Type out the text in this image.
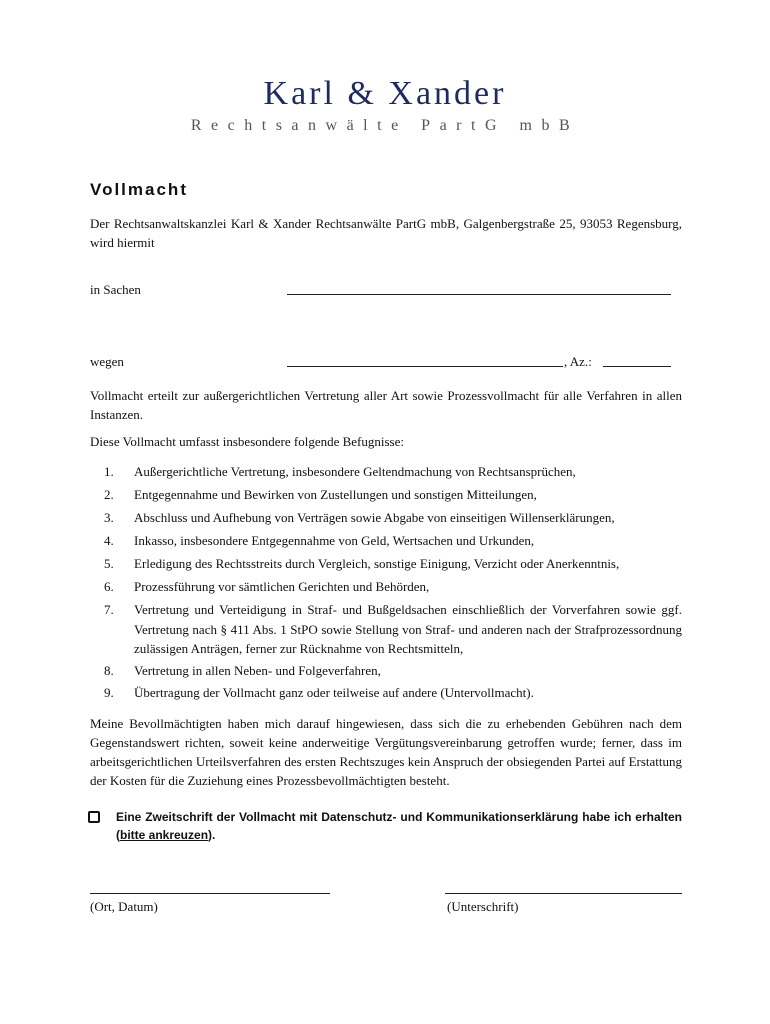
Karl & Xander
Rechtsanwälte PartG mbB
Vollmacht
Der Rechtsanwaltskanzlei Karl & Xander Rechtsanwälte PartG mbB, Galgenbergstraße 25, 93053 Regensburg, wird hiermit
in Sachen
wegen	, Az.:
Vollmacht erteilt zur außergerichtlichen Vertretung aller Art sowie Prozessvollmacht für alle Verfahren in allen Instanzen.
Diese Vollmacht umfasst insbesondere folgende Befugnisse:
1.	Außergerichtliche Vertretung, insbesondere Geltendmachung von Rechtsansprüchen,
2.	Entgegennahme und Bewirken von Zustellungen und sonstigen Mitteilungen,
3.	Abschluss und Aufhebung von Verträgen sowie Abgabe von einseitigen Willenserklärungen,
4.	Inkasso, insbesondere Entgegennahme von Geld, Wertsachen und Urkunden,
5.	Erledigung des Rechtsstreits durch Vergleich, sonstige Einigung, Verzicht oder Anerkenntnis,
6.	Prozessführung vor sämtlichen Gerichten und Behörden,
7.	Vertretung und Verteidigung in Straf- und Bußgeldsachen einschließlich der Vorverfahren sowie ggf. Vertretung nach § 411 Abs. 1 StPO sowie Stellung von Straf- und anderen nach der Strafprozessordnung zulässigen Anträgen, ferner zur Rücknahme von Rechtsmitteln,
8.	Vertretung in allen Neben- und Folgeverfahren,
9.	Übertragung der Vollmacht ganz oder teilweise auf andere (Untervollmacht).
Meine Bevollmächtigten haben mich darauf hingewiesen, dass sich die zu erhebenden Gebühren nach dem Gegenstandswert richten, soweit keine anderweitige Vergütungsvereinbarung getroffen wurde; ferner, dass im arbeitsgerichtlichen Urteilsverfahren des ersten Rechtszuges kein Anspruch der obsiegenden Partei auf Erstattung der Kosten für die Zuziehung eines Prozessbevollmächtigten besteht.
Eine Zweitschrift der Vollmacht mit Datenschutz- und Kommunikationserklärung habe ich erhalten (bitte ankreuzen).
(Ort, Datum)	(Unterschrift)
